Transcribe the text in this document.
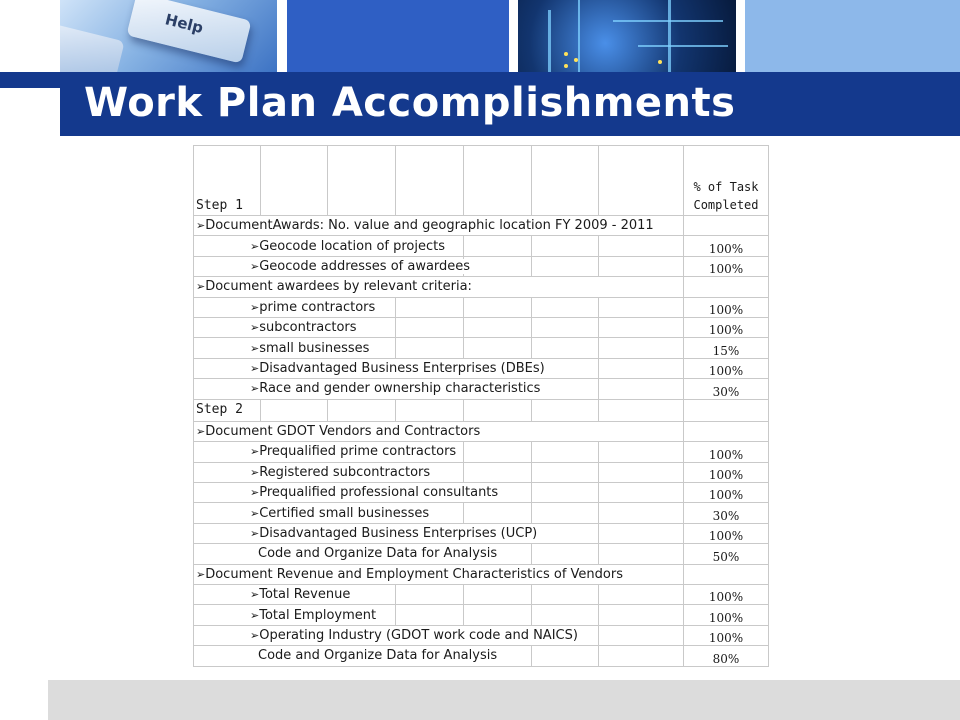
Help
Work Plan Accomplishments
Step 1							% of Task
Completed

➢DocumentAwards: No. value and geographic location FY 2009 - 2011							
➢Geocode location of projects							100%
➢Geocode addresses of awardees							100%
➢Document awardees by relevant criteria:							
➢prime contractors							100%
➢subcontractors							100%
➢small businesses							15%
➢Disadvantaged Business Enterprises (DBEs)							100%
➢Race and gender ownership characteristics							30%
Step 2							
➢Document GDOT Vendors and Contractors							
➢Prequalified prime contractors							100%
➢Registered subcontractors							100%
➢Prequalified professional consultants							100%
➢Certified small businesses							30%
➢Disadvantaged Business Enterprises (UCP)							100%
Code and Organize Data for Analysis							50%
➢Document Revenue and Employment Characteristics of Vendors							
➢Total Revenue							100%
➢Total Employment							100%
➢Operating Industry (GDOT work code and NAICS)							100%
Code and Organize Data for Analysis							80%
